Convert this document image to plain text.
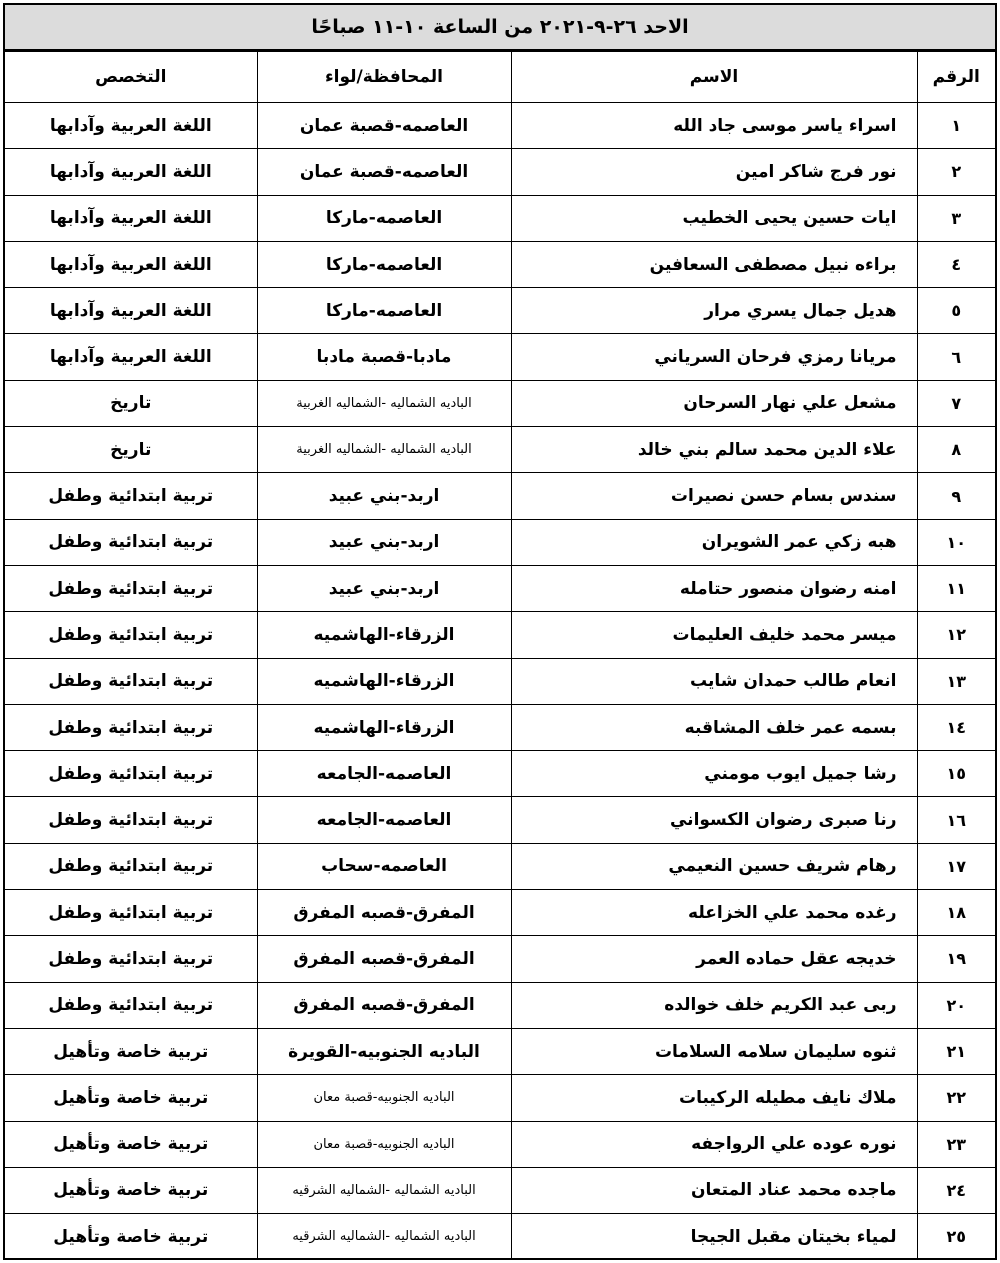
الاحد ٢٦-٩-٢٠٢١ من الساعة ١٠-١١ صباحًا
الرقم	الاسم	المحافظة/لواء	التخصص
١	اسراء ياسر موسى جاد الله	العاصمه-قصبة عمان	اللغة العربية وآدابها
٢	نور فرج شاكر امين	العاصمه-قصبة عمان	اللغة العربية وآدابها
٣	ايات حسين يحيى الخطيب	العاصمه-ماركا	اللغة العربية وآدابها
٤	براءه نبيل مصطفى السعافين	العاصمه-ماركا	اللغة العربية وآدابها
٥	هديل جمال يسري مرار	العاصمه-ماركا	اللغة العربية وآدابها
٦	مريانا رمزي فرحان السرياني	مادبا-قصبة مادبا	اللغة العربية وآدابها
٧	مشعل علي نهار السرحان	الباديه الشماليه -الشماليه الغربية	تاريخ
٨	علاء الدين محمد سالم بني خالد	الباديه الشماليه -الشماليه الغربية	تاريخ
٩	سندس بسام حسن نصيرات	اربد-بني عبيد	تربية ابتدائية وطفل
١٠	هبه زكي عمر الشويران	اربد-بني عبيد	تربية ابتدائية وطفل
١١	امنه رضوان منصور حتامله	اربد-بني عبيد	تربية ابتدائية وطفل
١٢	ميسر محمد خليف العليمات	الزرقاء-الهاشميه	تربية ابتدائية وطفل
١٣	انعام طالب حمدان شايب	الزرقاء-الهاشميه	تربية ابتدائية وطفل
١٤	بسمه عمر خلف المشاقبه	الزرقاء-الهاشميه	تربية ابتدائية وطفل
١٥	رشا جميل ايوب مومني	العاصمه-الجامعه	تربية ابتدائية وطفل
١٦	رنا صبرى رضوان الكسواني	العاصمه-الجامعه	تربية ابتدائية وطفل
١٧	رهام شريف حسين النعيمي	العاصمه-سحاب	تربية ابتدائية وطفل
١٨	رغده محمد علي الخزاعله	المفرق-قصبه المفرق	تربية ابتدائية وطفل
١٩	خديجه عقل حماده العمر	المفرق-قصبه المفرق	تربية ابتدائية وطفل
٢٠	ربى عبد الكريم خلف خوالده	المفرق-قصبه المفرق	تربية ابتدائية وطفل
٢١	ثنوه سليمان سلامه السلامات	الباديه الجنوبيه-القويرة	تربية خاصة وتأهيل
٢٢	ملاك نايف مطيله الركيبات	الباديه الجنوبيه-قصبة معان	تربية خاصة وتأهيل
٢٣	نوره عوده علي الرواجفه	الباديه الجنوبيه-قصبة معان	تربية خاصة وتأهيل
٢٤	ماجده محمد عناد المتعان	الباديه الشماليه -الشماليه الشرقيه	تربية خاصة وتأهيل
٢٥	لمياء بخيتان مقبل الجيجا	الباديه الشماليه -الشماليه الشرقيه	تربية خاصة وتأهيل
